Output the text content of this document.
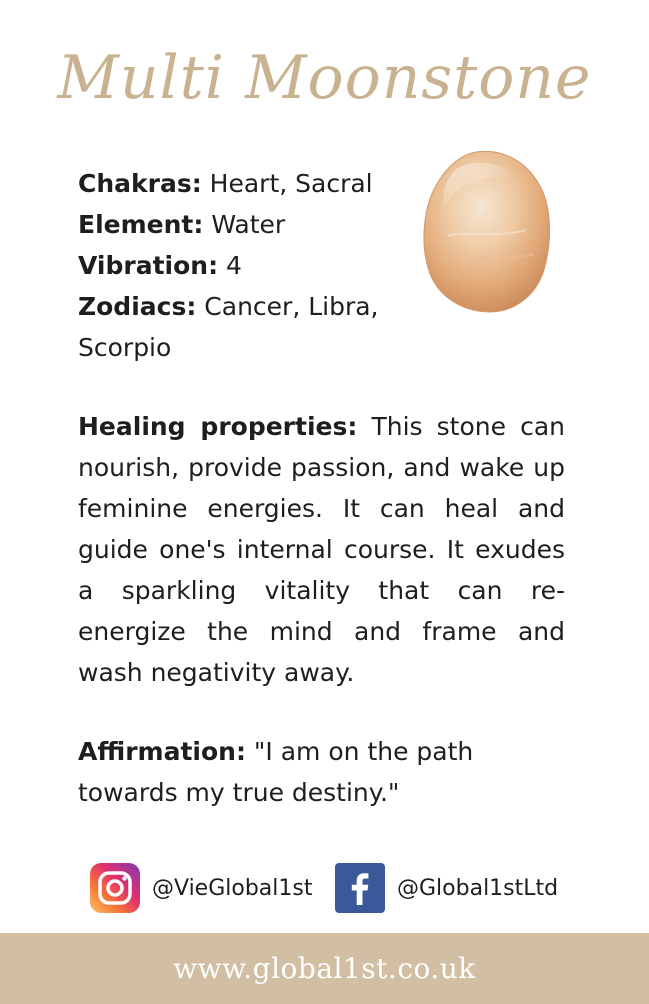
Multi Moonstone
Chakras: Heart, Sacral
Element: Water
Vibration: 4
Zodiacs: Cancer, Libra,
Scorpio
Healing properties: This stone can nourish, provide passion, and wake up feminine energies. It can heal and guide one's internal course. It exudes a sparkling vitality that can re-energize the mind and frame and wash negativity away.
Affirmation: "I am on the path towards my true destiny."
@VieGlobal1st	@Global1stLtd
www.global1st.co.uk
